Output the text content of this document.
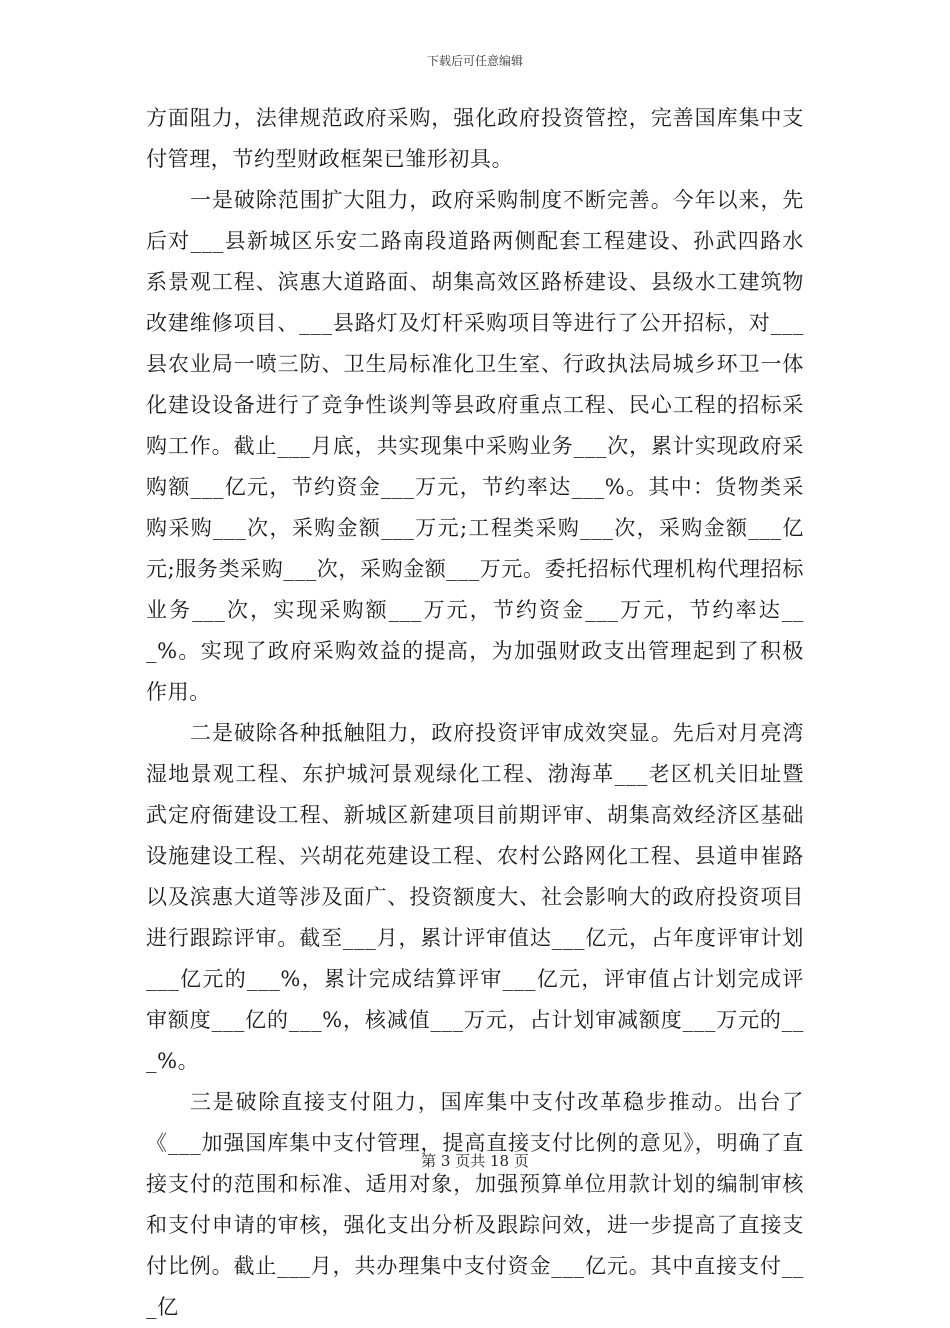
下载后可任意编辑

方面阻力，法律规范政府采购，强化政府投资管控，完善国库集中支付管理，节约型财政框架已雏形初具。

一是破除范围扩大阻力，政府采购制度不断完善。今年以来，先后对___县新城区乐安二路南段道路两侧配套工程建设、孙武四路水系景观工程、滨惠大道路面、胡集高效区路桥建设、县级水工建筑物改建维修项目、___县路灯及灯杆采购项目等进行了公开招标，对___县农业局一喷三防、卫生局标准化卫生室、行政执法局城乡环卫一体化建设设备进行了竞争性谈判等县政府重点工程、民心工程的招标采购工作。截止___月底，共实现集中采购业务___次，累计实现政府采购额___亿元，节约资金___万元，节约率达___%。其中：货物类采购采购___次，采购金额___万元;工程类采购___次，采购金额___亿元;服务类采购___次，采购金额___万元。委托招标代理机构代理招标业务___次，实现采购额___万元，节约资金___万元，节约率达___%。实现了政府采购效益的提高，为加强财政支出管理起到了积极作用。

二是破除各种抵触阻力，政府投资评审成效突显。先后对月亮湾湿地景观工程、东护城河景观绿化工程、渤海革___老区机关旧址暨武定府衙建设工程、新城区新建项目前期评审、胡集高效经济区基础设施建设工程、兴胡花苑建设工程、农村公路网化工程、县道申崔路以及滨惠大道等涉及面广、投资额度大、社会影响大的政府投资项目进行跟踪评审。截至___月，累计评审值达___亿元，占年度评审计划___亿元的___%，累计完成结算评审___亿元，评审值占计划完成评审额度___亿的___%，核减值___万元，占计划审减额度___万元的___%。

三是破除直接支付阻力，国库集中支付改革稳步推动。出台了《___加强国库集中支付管理，提高直接支付比例的意见》，明确了直接支付的范围和标准、适用对象，加强预算单位用款计划的编制审核和支付申请的审核，强化支出分析及跟踪问效，进一步提高了直接支付比例。截止___月，共办理集中支付资金___亿元。其中直接支付___亿

第 3 页共 18 页
